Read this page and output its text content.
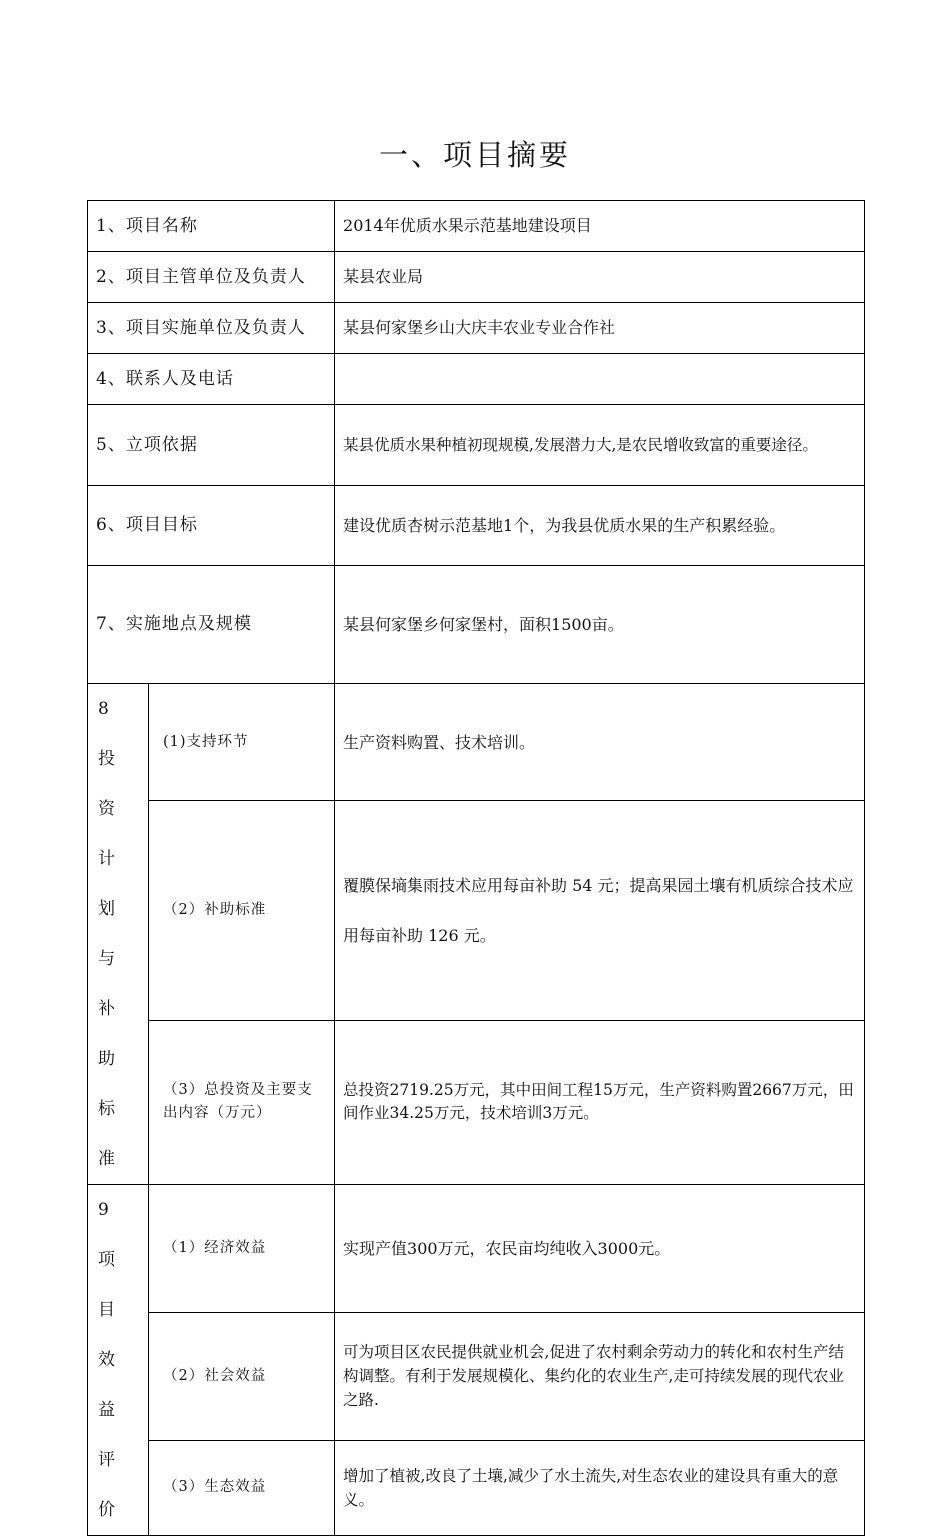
一、项目摘要
1、项目名称		2014年优质水果示范基地建设项目
2、项目主管单位及负责人		某县农业局
3、项目实施单位及负责人		某县何家堡乡山大庆丰农业专业合作社
4、联系人及电话		
5、立项依据		某县优质水果种植初现规模,发展潜力大,是农民增收致富的重要途径。
6、项目目标		建设优质杏树示范基地1个，为我县优质水果的生产积累经验。
7、实施地点及规模		某县何家堡乡何家堡村，面积1500亩。

8 投
资计
划与
补助
标准	(1)支持环节	生产资料购置、技术培训。
	（2）补助标准	覆膜保墒集雨技术应用每亩补助 54 元；提高果园土壤有机质综合技术应用每亩补助 126 元。
	（3）总投资及主要支出内容（万元）	总投资2719.25万元，其中田间工程15万元，生产资料购置2667万元，田间作业34.25万元，技术培训3万元。

9 项
目效
益评
价	（1）经济效益	实现产值300万元，农民亩均纯收入3000元。
	（2）社会效益	可为项目区农民提供就业机会,促进了农村剩余劳动力的转化和农村生产结构调整。有利于发展规模化、集约化的农业生产,走可持续发展的现代农业之路.
	（3）生态效益	增加了植被,改良了土壤,减少了水土流失,对生态农业的建设具有重大的意义。
